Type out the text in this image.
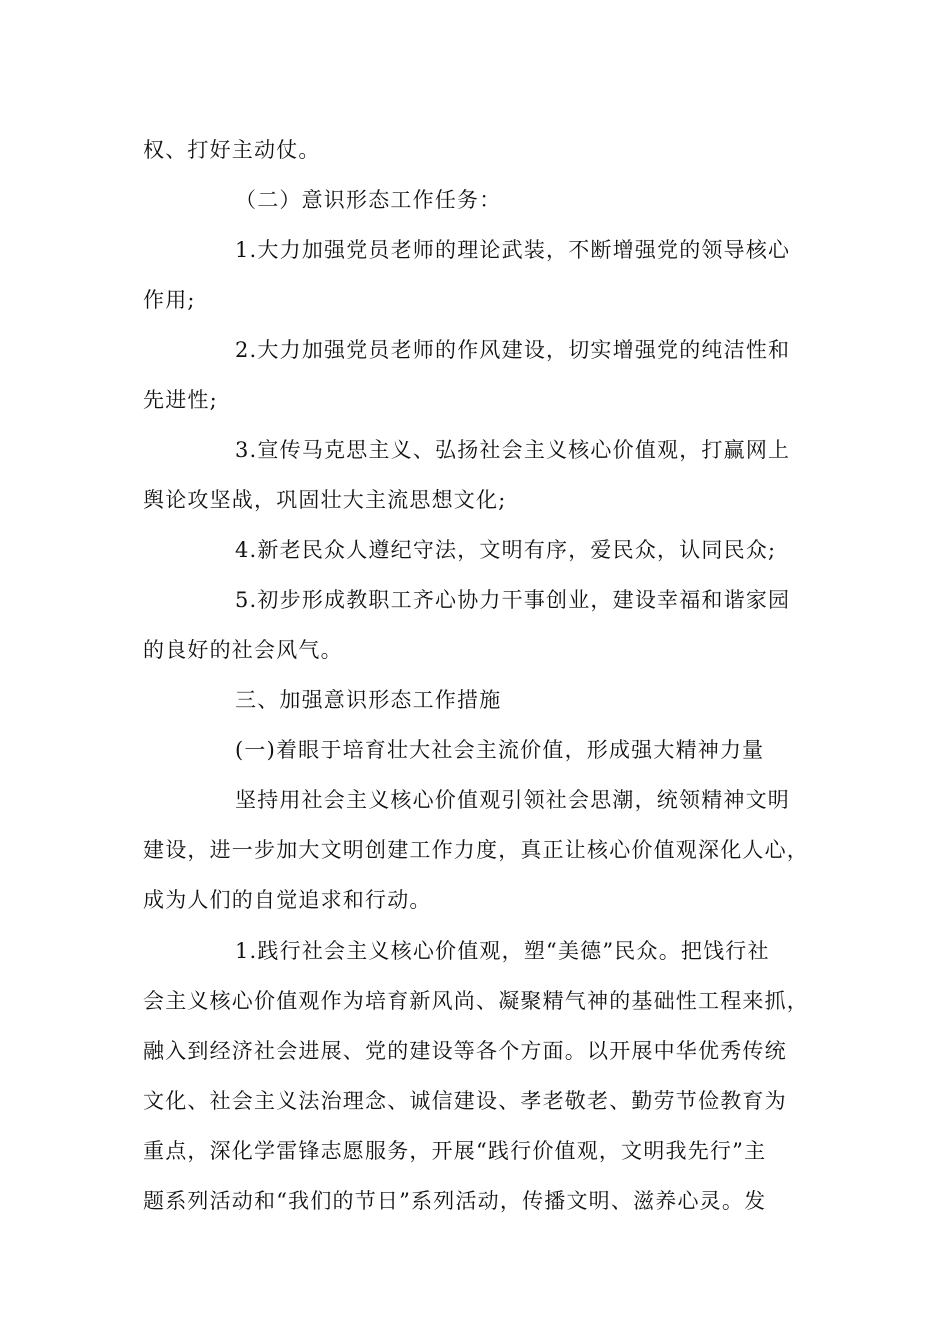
权、打好主动仗。
（二）意识形态工作任务：
1.大力加强党员老师的理论武装，不断增强党的领导核心
作用;
2.大力加强党员老师的作风建设，切实增强党的纯洁性和
先进性;
3.宣传马克思主义、弘扬社会主义核心价值观，打赢网上
舆论攻坚战，巩固壮大主流思想文化;
4.新老民众人遵纪守法，文明有序，爱民众，认同民众;
5.初步形成教职工齐心协力干事创业，建设幸福和谐家园
的良好的社会风气。
三、加强意识形态工作措施
(一)着眼于培育壮大社会主流价值，形成强大精神力量
坚持用社会主义核心价值观引领社会思潮，统领精神文明
建设，进一步加大文明创建工作力度，真正让核心价值观深化人心，
成为人们的自觉追求和行动。
1.践行社会主义核心价值观，塑“美德”民众。把饯行社
会主义核心价值观作为培育新风尚、凝聚精气神的基础性工程来抓，
融入到经济社会进展、党的建设等各个方面。以开展中华优秀传统
文化、社会主义法治理念、诚信建设、孝老敬老、勤劳节俭教育为
重点，深化学雷锋志愿服务，开展“践行价值观，文明我先行”主
题系列活动和“我们的节日”系列活动，传播文明、滋养心灵。发
